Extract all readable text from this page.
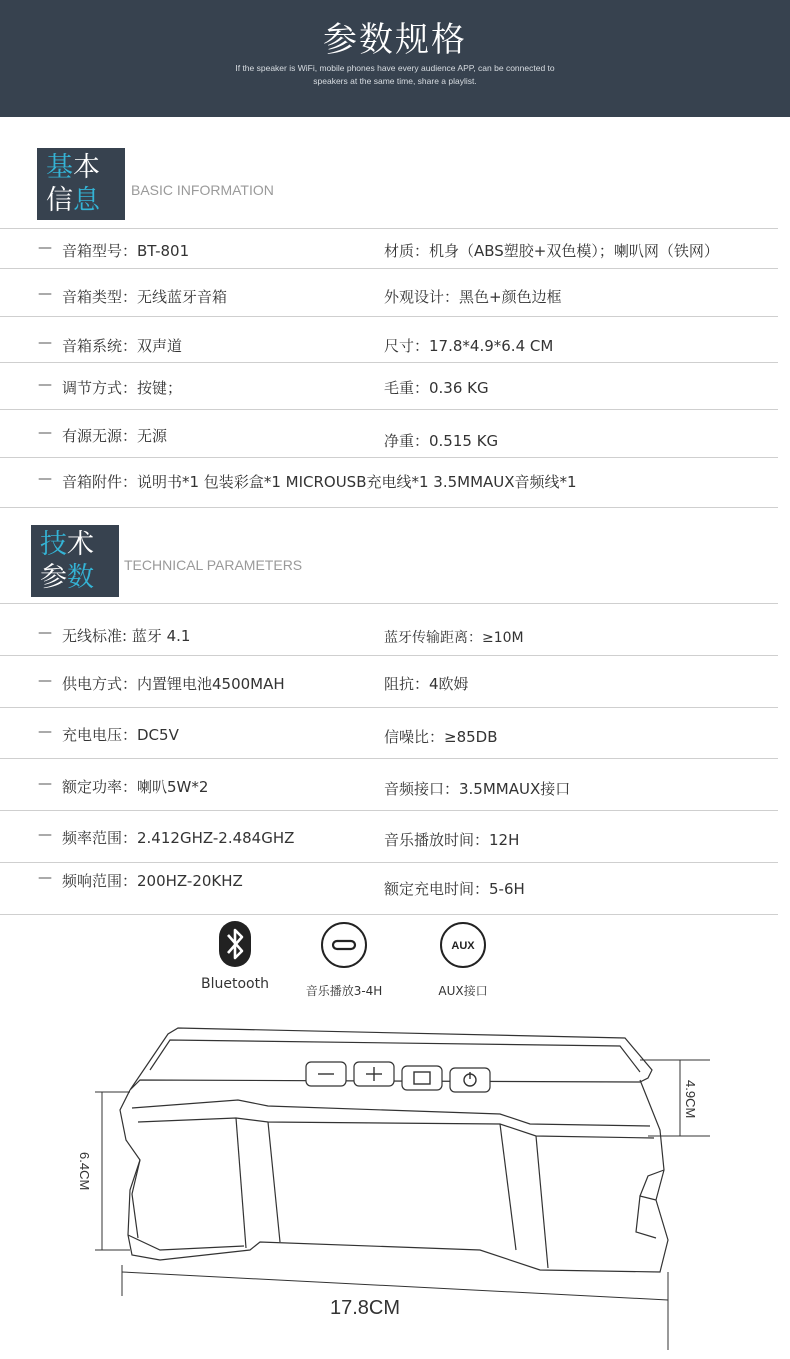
参数规格

If the speaker is WiFi, mobile phones have every audience APP, can be connected to

speakers at the same time, share a playlist.

基本
信息	BASIC INFORMATION
— 音箱型号：BT-801	材质：机身（ABS塑胶+双色模）；喇叭网（铁网）
— 音箱类型：无线蓝牙音箱	外观设计：黑色+颜色边框
— 音箱系统：双声道	尺寸：17.8*4.9*6.4 CM
— 调节方式：按键；	毛重：0.36 KG
— 有源无源：无源	净重：0.515 KG
— 音箱附件：说明书*1 包装彩盒*1 MICROUSB充电线*1 3.5MMAUX音频线*1
技术
参数	TECHNICAL PARAMETERS
— 无线标准: 蓝牙 4.1	蓝牙传输距离：≥10M
— 供电方式：内置锂电池4500MAH	阻抗：4欧姆
— 充电电压：DC5V	信噪比：≥85DB
— 额定功率：喇叭5W*2	音频接口：3.5MMAUX接口
— 频率范围：2.412GHZ-2.484GHZ	音乐播放时间：12H
— 频响范围：200HZ-20KHZ	额定充电时间：5-6H
Bluetooth	音乐播放3-4H
AUX
AUX接口
4.9CM
6.4CM
17.8CM
